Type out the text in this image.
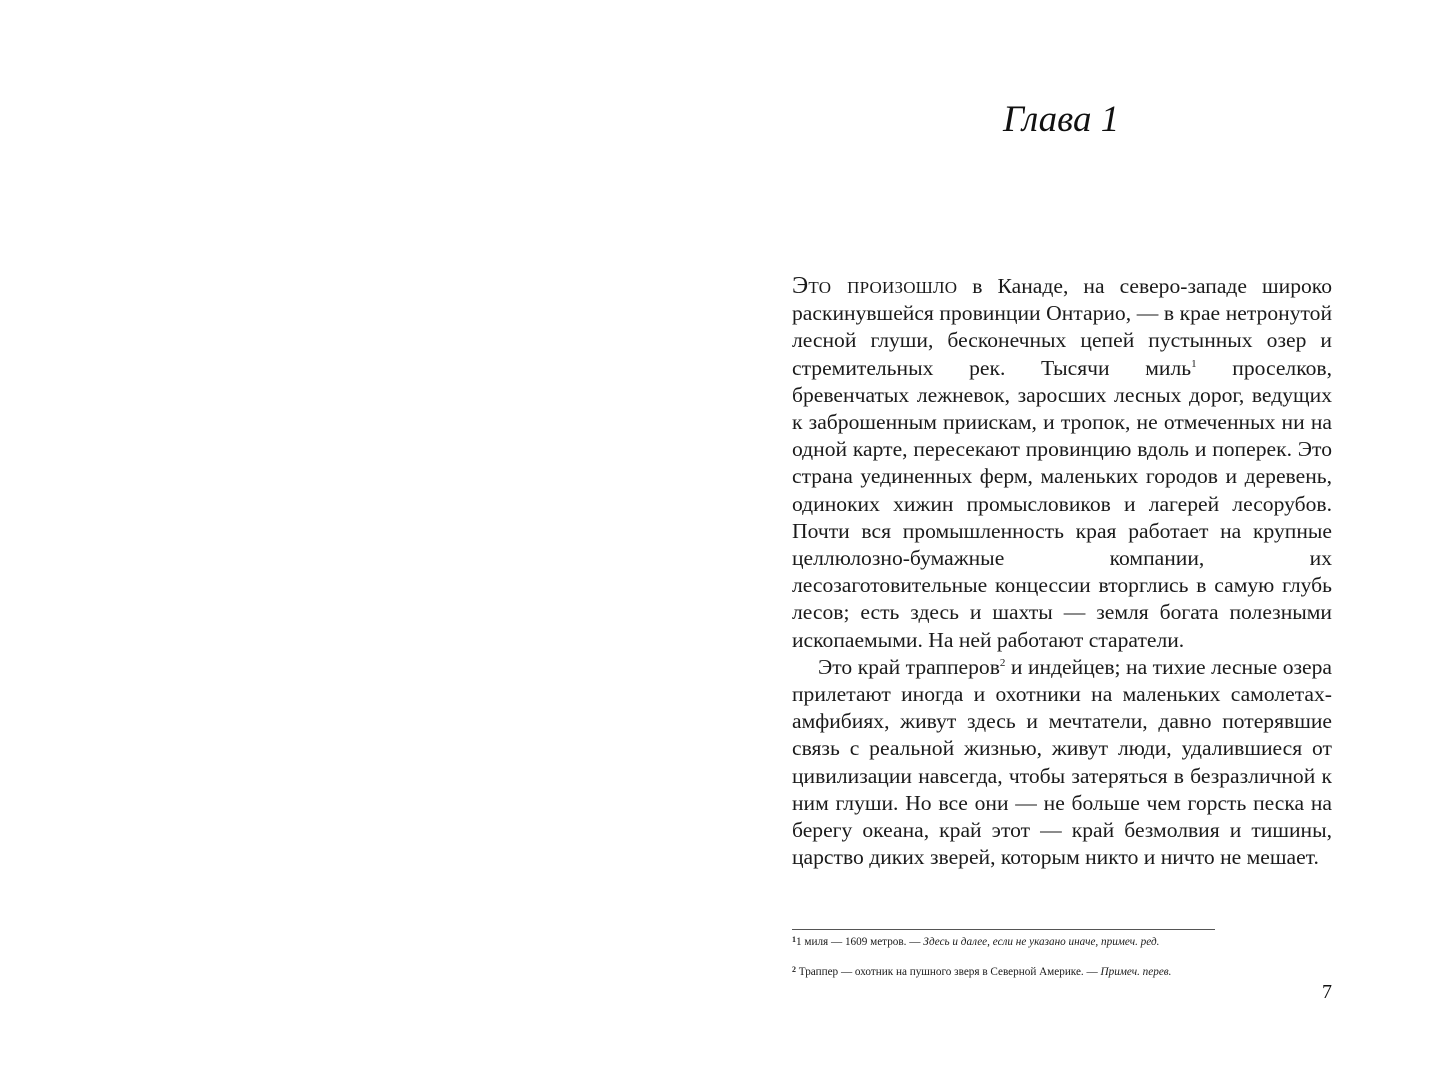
Глава 1

Это произошло в Канаде, на северо-западе широко раскинувшейся провинции Онтарио, — в крае нетронутой лесной глуши, бесконечных цепей пустынных озер и стремительных рек. Тысячи миль$^1$ проселков, бревенчатых лежневок, заросших лесных дорог, ведущих к заброшенным приискам, и тропок, не отмеченных ни на одной карте, пересекают провинцию вдоль и поперек. Это страна уединенных ферм, маленьких городов и деревень, одиноких хижин промысловиков и лагерей лесорубов. Почти вся промышленность края работает на крупные целлюлозно-бумажные компании, их лесозаготовительные концессии вторглись в самую глубь лесов; есть здесь и шахты — земля богата полезными ископаемыми. На ней работают старатели.

Это край трапперов$^2$ и индейцев; на тихие лесные озера прилетают иногда и охотники на маленьких самолетах-амфибиях, живут здесь и мечтатели, давно потерявшие связь с реальной жизнью, живут люди, удалившиеся от цивилизации навсегда, чтобы затеряться в безразличной к ним глуши. Но все они — не больше чем горсть песка на берегу океана, край этот — край безмолвия и тишины, царство диких зверей, которым никто и ничто не мешает.

$^1$1 миля — 1609 метров. — Здесь и далее, если не указано иначе, примеч. ред.

$^2$ Траппер — охотник на пушного зверя в Северной Америке. — Примеч. перев.

7
